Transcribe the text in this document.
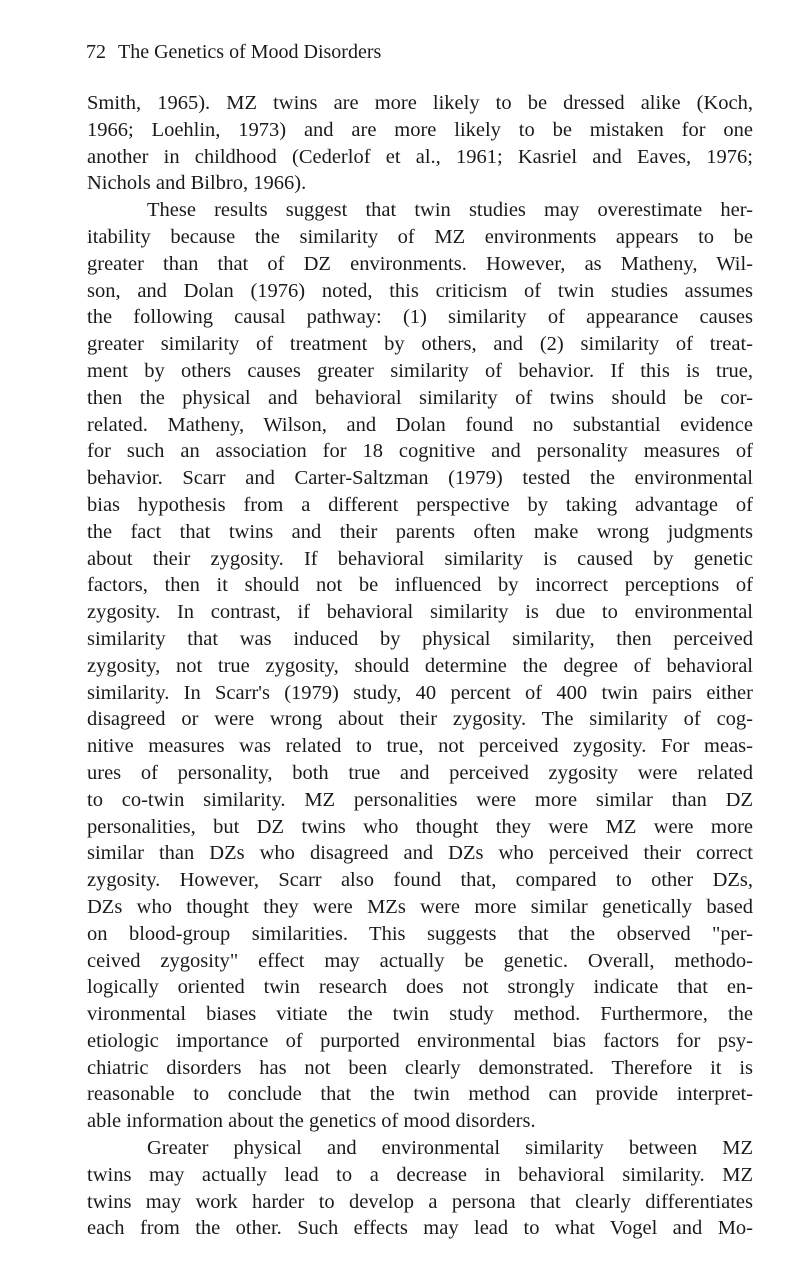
72 The Genetics of Mood Disorders
Smith, 1965). MZ twins are more likely to be dressed alike (Koch,
1966; Loehlin, 1973) and are more likely to be mistaken for one
another in childhood (Cederlof et al., 1961; Kasriel and Eaves, 1976;
Nichols and Bilbro, 1966).
These results suggest that twin studies may overestimate her-
itability because the similarity of MZ environments appears to be
greater than that of DZ environments. However, as Matheny, Wil-
son, and Dolan (1976) noted, this criticism of twin studies assumes
the following causal pathway: (1) similarity of appearance causes
greater similarity of treatment by others, and (2) similarity of treat-
ment by others causes greater similarity of behavior. If this is true,
then the physical and behavioral similarity of twins should be cor-
related. Matheny, Wilson, and Dolan found no substantial evidence
for such an association for 18 cognitive and personality measures of
behavior. Scarr and Carter-Saltzman (1979) tested the environmental
bias hypothesis from a different perspective by taking advantage of
the fact that twins and their parents often make wrong judgments
about their zygosity. If behavioral similarity is caused by genetic
factors, then it should not be influenced by incorrect perceptions of
zygosity. In contrast, if behavioral similarity is due to environmental
similarity that was induced by physical similarity, then perceived
zygosity, not true zygosity, should determine the degree of behavioral
similarity. In Scarr's (1979) study, 40 percent of 400 twin pairs either
disagreed or were wrong about their zygosity. The similarity of cog-
nitive measures was related to true, not perceived zygosity. For meas-
ures of personality, both true and perceived zygosity were related
to co-twin similarity. MZ personalities were more similar than DZ
personalities, but DZ twins who thought they were MZ were more
similar than DZs who disagreed and DZs who perceived their correct
zygosity. However, Scarr also found that, compared to other DZs,
DZs who thought they were MZs were more similar genetically based
on blood-group similarities. This suggests that the observed "per-
ceived zygosity" effect may actually be genetic. Overall, methodo-
logically oriented twin research does not strongly indicate that en-
vironmental biases vitiate the twin study method. Furthermore, the
etiologic importance of purported environmental bias factors for psy-
chiatric disorders has not been clearly demonstrated. Therefore it is
reasonable to conclude that the twin method can provide interpret-
able information about the genetics of mood disorders.
Greater physical and environmental similarity between MZ
twins may actually lead to a decrease in behavioral similarity. MZ
twins may work harder to develop a persona that clearly differentiates
each from the other. Such effects may lead to what Vogel and Mo-
